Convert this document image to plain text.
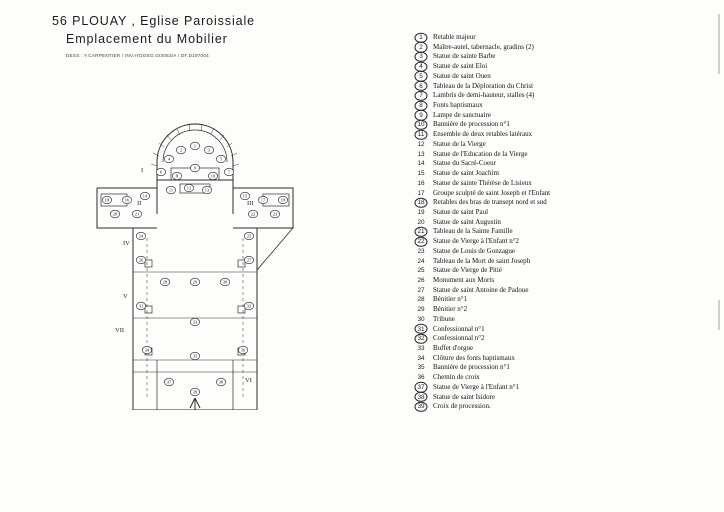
56 PLOUAY , Eglise Paroissiale
Emplacement du Mobilier
DESS : Y.CARPENTIER / INV.H'DOSG.GI3053/A / DF.D197004
I
II	III
IV
V
VI
VII
1
2	3
4	5
6	7
8
9
10
11	12	13
14	15
16	17
18	19
20	21	22	23
24	25
26	27
28	29	30
31	32
33
34
35
36
37	38
39
1	Retable majeur
2	Maître-autel, tabernacle, gradins (2)
3	Statue de sainte Barbe
4	Statue de saint Eloi
5	Statue de saint Ouen
6	Tableau de la Déploration du Christ
7	Lambris de demi-hauteur, stalles (4)
8	Fonts baptismaux
9	Lampe de sanctuaire
10	Bannière de procession n°1
11	Ensemble de deux retables latéraux
12	Statue de la Vierge
13	Statue de l'Education de la Vierge
14	Statue du Sacré-Coeur
15	Statue de saint Joachim
16	Statue de sainte Thérèse de Lisieux
17	Groupe sculpté de saint Joseph et l'Enfant
18	Retables des bras de transept nord et sud
19	Statue de saint Paul
20	Statue de saint Augustin
21	Tableau de la Sainte Famille
22	Statue de Vierge à l'Enfant n°2
23	Statue de Louis de Gonzague
24	Tableau de la Mort de saint Joseph
25	Statue de Vierge de Pitié
26	Monument aux Morts
27	Statue de saint Antoine de Padoue
28	Bénitier n°1
29	Bénitier n°2
30	Tribune
31	Confessionnal n°1
32	Confessionnal n°2
33	Buffet d'orgue
34	Clôture des fonts baptismaux
35	Bannière de procession n°1
36	Chemin de croix
37	Statue de Vierge à l'Enfant n°1
38	Statue de saint Isidore
39	Croix de procession.
